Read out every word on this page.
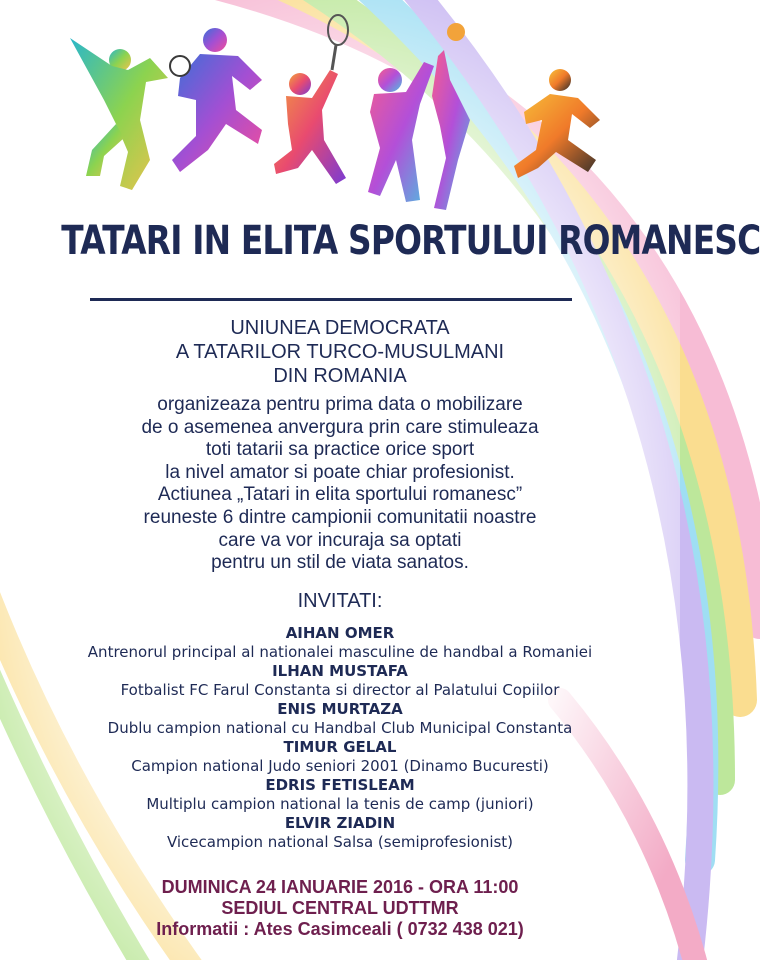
TATARI IN ELITA SPORTULUI ROMANESC
UNIUNEA DEMOCRATA
A TATARILOR TURCO-MUSULMANI
DIN ROMANIA
organizeaza pentru prima data o mobilizare
de o asemenea anvergura prin care stimuleaza
toti tatarii sa practice orice sport
la nivel amator si poate chiar profesionist.
Actiunea „Tatari in elita sportului romanesc”
reuneste 6 dintre campionii comunitatii noastre
care va vor incuraja sa optati
pentru un stil de viata sanatos.
INVITATI:
AIHAN OMER
Antrenorul principal al nationalei masculine de handbal a Romaniei
ILHAN MUSTAFA
Fotbalist FC Farul Constanta si director al Palatului Copiilor
ENIS MURTAZA
Dublu campion national cu Handbal Club Municipal Constanta
TIMUR GELAL
Campion national Judo seniori 2001 (Dinamo Bucuresti)
EDRIS FETISLEAM
Multiplu campion national la tenis de camp (juniori)
ELVIR ZIADIN
Vicecampion national Salsa (semiprofesionist)
DUMINICA 24 IANUARIE 2016 - ORA 11:00
SEDIUL CENTRAL UDTTMR
Informatii : Ates Casimceali ( 0732 438 021)
